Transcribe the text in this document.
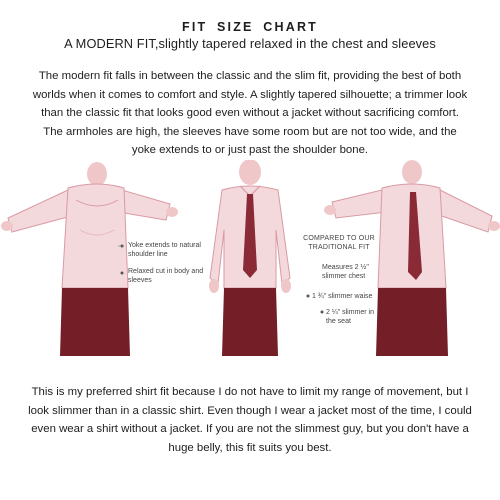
FIT SIZE CHART
A MODERN FIT,slightly tapered relaxed in the chest and sleeves
The modern fit falls in between the classic and the slim fit, providing the best of both worlds when it comes to comfort and style. A slightly tapered silhouette; a trimmer look than the classic fit that looks good even without a jacket without sacrificing comfort. The armholes are high, the sleeves have some room but are not too wide, and the yoke extends to or just past the shoulder bone.
Yoke extends to natural shoulder line
Relaxed cut in body and sleeves
COMPARED TO OUR TRADITIONAL FIT
Measures 2 ½" slimmer chest
1 ¾" slimmer waise
2 ¼" slimmer in the seat
This is my preferred shirt fit because I do not have to limit my range of movement, but I look slimmer than in a classic shirt. Even though I wear a jacket most of the time, I could even wear a shirt without a jacket. If you are not the slimmest guy, but you don't have a huge belly, this fit suits you best.
